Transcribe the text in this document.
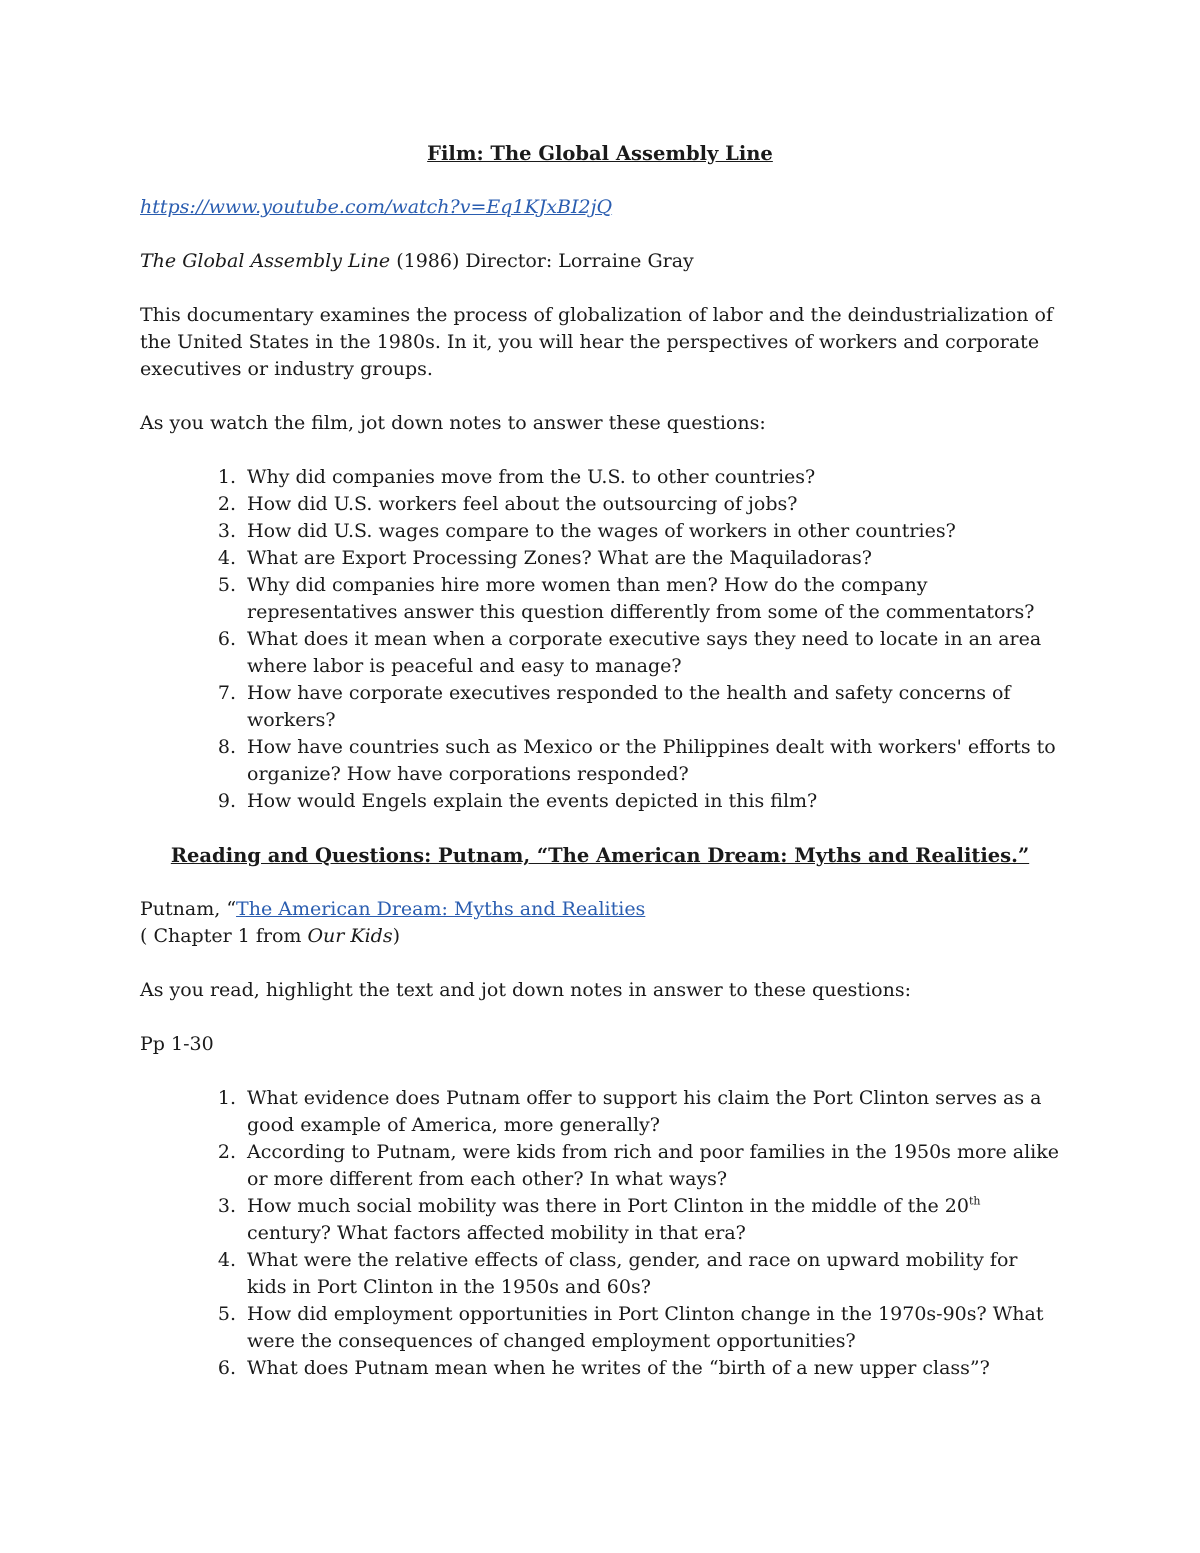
Film: The Global Assembly Line

https://www.youtube.com/watch?v=Eq1KJxBI2jQ

The Global Assembly Line (1986) Director: Lorraine Gray

This documentary examines the process of globalization of labor and the deindustrialization of the United States in the 1980s. In it, you will hear the perspectives of workers and corporate executives or industry groups.

As you watch the film, jot down notes to answer these questions:

1. Why did companies move from the U.S. to other countries?
2. How did U.S. workers feel about the outsourcing of jobs?
3. How did U.S. wages compare to the wages of workers in other countries?
4. What are Export Processing Zones? What are the Maquiladoras?
5. Why did companies hire more women than men? How do the company representatives answer this question differently from some of the commentators?
6. What does it mean when a corporate executive says they need to locate in an area where labor is peaceful and easy to manage?
7. How have corporate executives responded to the health and safety concerns of workers?
8. How have countries such as Mexico or the Philippines dealt with workers' efforts to organize? How have corporations responded?
9. How would Engels explain the events depicted in this film?

Reading and Questions: Putnam, “The American Dream: Myths and Realities.”

Putnam, “The American Dream: Myths and Realities

( Chapter 1 from Our Kids)

As you read, highlight the text and jot down notes in answer to these questions:

Pp 1-30

1. What evidence does Putnam offer to support his claim the Port Clinton serves as a good example of America, more generally?
2. According to Putnam, were kids from rich and poor families in the 1950s more alike or more different from each other? In what ways?
3. How much social mobility was there in Port Clinton in the middle of the 20th century? What factors affected mobility in that era?
4. What were the relative effects of class, gender, and race on upward mobility for kids in Port Clinton in the 1950s and 60s?
5. How did employment opportunities in Port Clinton change in the 1970s-90s? What were the consequences of changed employment opportunities?
6. What does Putnam mean when he writes of the “birth of a new upper class”?
